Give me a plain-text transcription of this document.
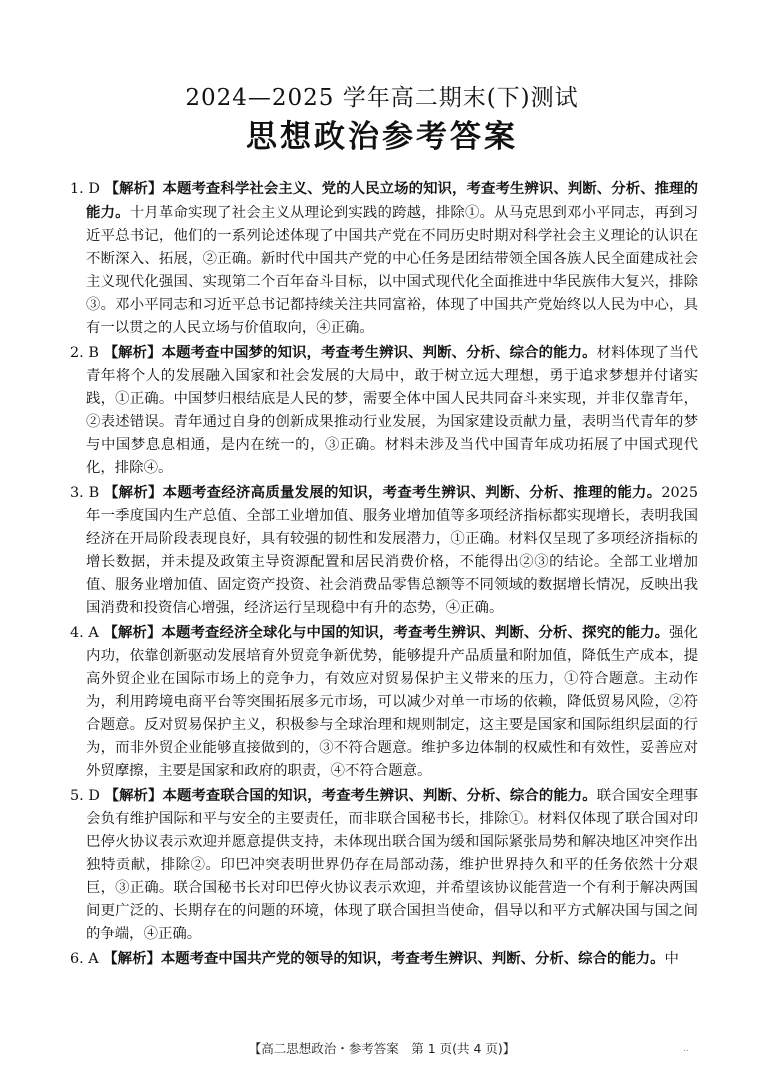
2024—2025 学年高二期末(下)测试
思想政治参考答案
1. D 【解析】本题考查科学社会主义、党的人民立场的知识，考查考生辨识、判断、分析、推理的能力。十月革命实现了社会主义从理论到实践的跨越，排除①。从马克思到邓小平同志，再到习近平总书记，他们的一系列论述体现了中国共产党在不同历史时期对科学社会主义理论的认识在不断深入、拓展，②正确。新时代中国共产党的中心任务是团结带领全国各族人民全面建成社会主义现代化强国、实现第二个百年奋斗目标，以中国式现代化全面推进中华民族伟大复兴，排除③。邓小平同志和习近平总书记都持续关注共同富裕，体现了中国共产党始终以人民为中心，具有一以贯之的人民立场与价值取向，④正确。
2. B 【解析】本题考查中国梦的知识，考查考生辨识、判断、分析、综合的能力。材料体现了当代青年将个人的发展融入国家和社会发展的大局中，敢于树立远大理想，勇于追求梦想并付诸实践，①正确。中国梦归根结底是人民的梦，需要全体中国人民共同奋斗来实现，并非仅靠青年，②表述错误。青年通过自身的创新成果推动行业发展，为国家建设贡献力量，表明当代青年的梦与中国梦息息相通，是内在统一的，③正确。材料未涉及当代中国青年成功拓展了中国式现代化，排除④。
3. B 【解析】本题考查经济高质量发展的知识，考查考生辨识、判断、分析、推理的能力。2025年一季度国内生产总值、全部工业增加值、服务业增加值等多项经济指标都实现增长，表明我国经济在开局阶段表现良好，具有较强的韧性和发展潜力，①正确。材料仅呈现了多项经济指标的增长数据，并未提及政策主导资源配置和居民消费价格，不能得出②③的结论。全部工业增加值、服务业增加值、固定资产投资、社会消费品零售总额等不同领域的数据增长情况，反映出我国消费和投资信心增强，经济运行呈现稳中有升的态势，④正确。
4. A 【解析】本题考查经济全球化与中国的知识，考查考生辨识、判断、分析、探究的能力。强化内功，依靠创新驱动发展培育外贸竞争新优势，能够提升产品质量和附加值，降低生产成本，提高外贸企业在国际市场上的竞争力，有效应对贸易保护主义带来的压力，①符合题意。主动作为，利用跨境电商平台等突围拓展多元市场，可以减少对单一市场的依赖，降低贸易风险，②符合题意。反对贸易保护主义，积极参与全球治理和规则制定，这主要是国家和国际组织层面的行为，而非外贸企业能够直接做到的，③不符合题意。维护多边体制的权威性和有效性，妥善应对外贸摩擦，主要是国家和政府的职责，④不符合题意。
5. D 【解析】本题考查联合国的知识，考查考生辨识、判断、分析、综合的能力。联合国安全理事会负有维护国际和平与安全的主要责任，而非联合国秘书长，排除①。材料仅体现了联合国对印巴停火协议表示欢迎并愿意提供支持，未体现出联合国为缓和国际紧张局势和解决地区冲突作出独特贡献，排除②。印巴冲突表明世界仍存在局部动荡，维护世界持久和平的任务依然十分艰巨，③正确。联合国秘书长对印巴停火协议表示欢迎，并希望该协议能营造一个有利于解决两国间更广泛的、长期存在的问题的环境，体现了联合国担当使命，倡导以和平方式解决国与国之间的争端，④正确。
6. A 【解析】本题考查中国共产党的领导的知识，考查考生辨识、判断、分析、综合的能力。中
【高二思想政治・参考答案　第 1 页(共 4 页)】	..
